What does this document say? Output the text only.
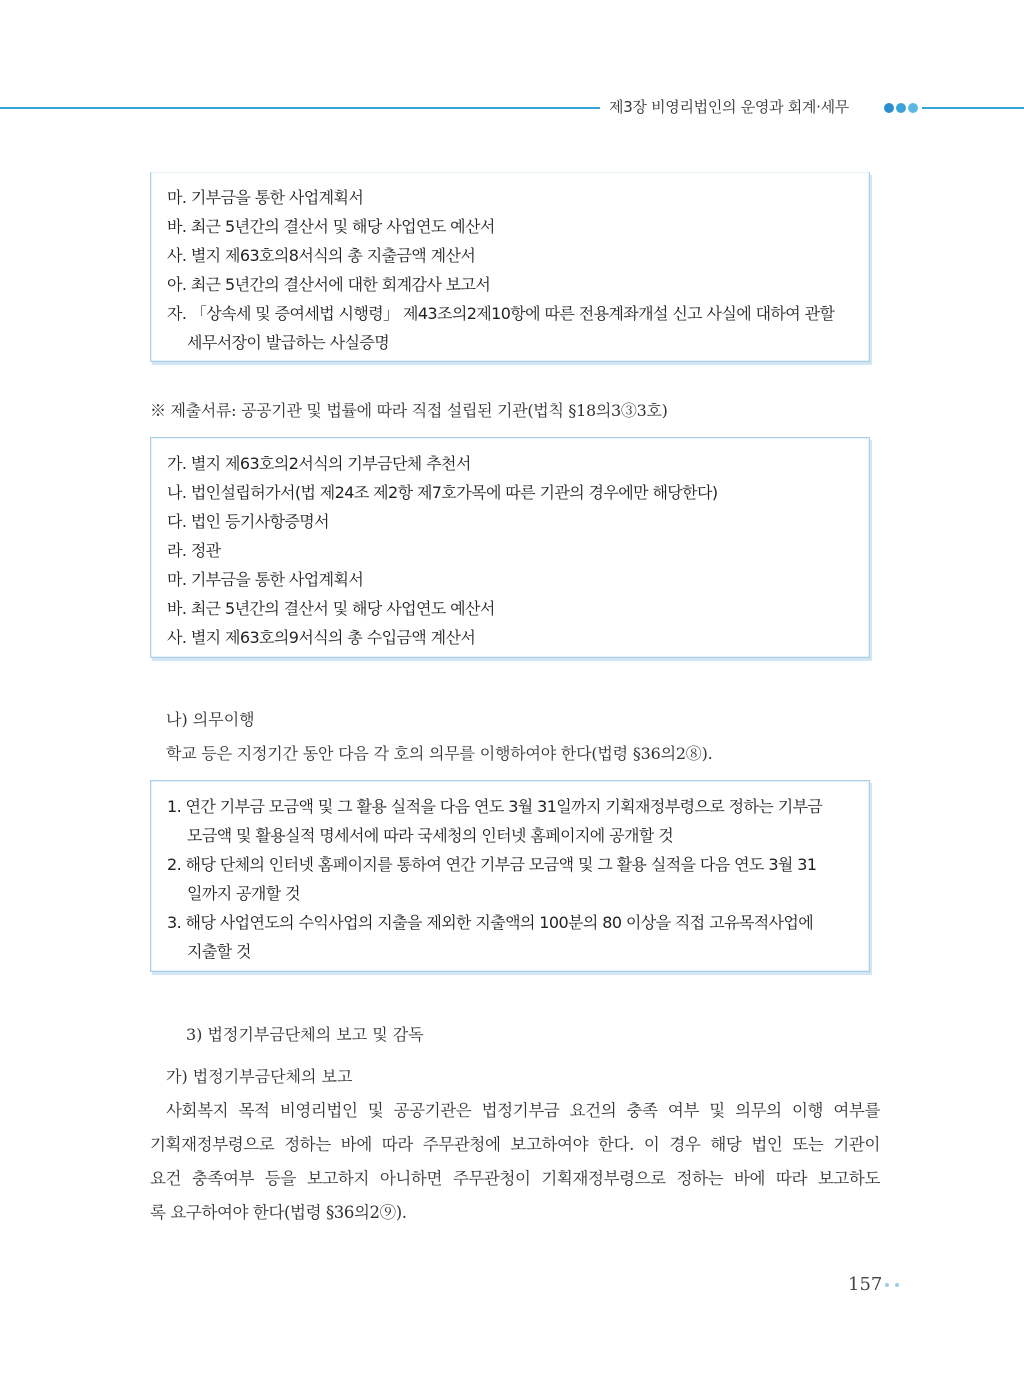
제3장 비영리법인의 운영과 회계·세무
마. 기부금을 통한 사업계획서
바. 최근 5년간의 결산서 및 해당 사업연도 예산서
사. 별지 제63호의8서식의 총 지출금액 계산서
아. 최근 5년간의 결산서에 대한 회계감사 보고서
자. 「상속세 및 증여세법 시행령」 제43조의2제10항에 따른 전용계좌개설 신고 사실에 대하여 관할
세무서장이 발급하는 사실증명
※ 제출서류: 공공기관 및 법률에 따라 직접 설립된 기관(법칙 §18의3③3호)
가. 별지 제63호의2서식의 기부금단체 추천서
나. 법인설립허가서(법 제24조 제2항 제7호가목에 따른 기관의 경우에만 해당한다)
다. 법인 등기사항증명서
라. 정관
마. 기부금을 통한 사업계획서
바. 최근 5년간의 결산서 및 해당 사업연도 예산서
사. 별지 제63호의9서식의 총 수입금액 계산서
나) 의무이행
학교 등은 지정기간 동안 다음 각 호의 의무를 이행하여야 한다(법령 §36의2⑧).
1. 연간 기부금 모금액 및 그 활용 실적을 다음 연도 3월 31일까지 기획재정부령으로 정하는 기부금
모금액 및 활용실적 명세서에 따라 국세청의 인터넷 홈페이지에 공개할 것
2. 해당 단체의 인터넷 홈페이지를 통하여 연간 기부금 모금액 및 그 활용 실적을 다음 연도 3월 31
일까지 공개할 것
3. 해당 사업연도의 수익사업의 지출을 제외한 지출액의 100분의 80 이상을 직접 고유목적사업에
지출할 것
3) 법정기부금단체의 보고 및 감독
가) 법정기부금단체의 보고
사회복지 목적 비영리법인 및 공공기관은 법정기부금 요건의 충족 여부 및 의무의 이행 여부를
기획재정부령으로 정하는 바에 따라 주무관청에 보고하여야 한다. 이 경우 해당 법인 또는 기관이
요건 충족여부 등을 보고하지 아니하면 주무관청이 기획재정부령으로 정하는 바에 따라 보고하도
록 요구하여야 한다(법령 §36의2⑨).
157
